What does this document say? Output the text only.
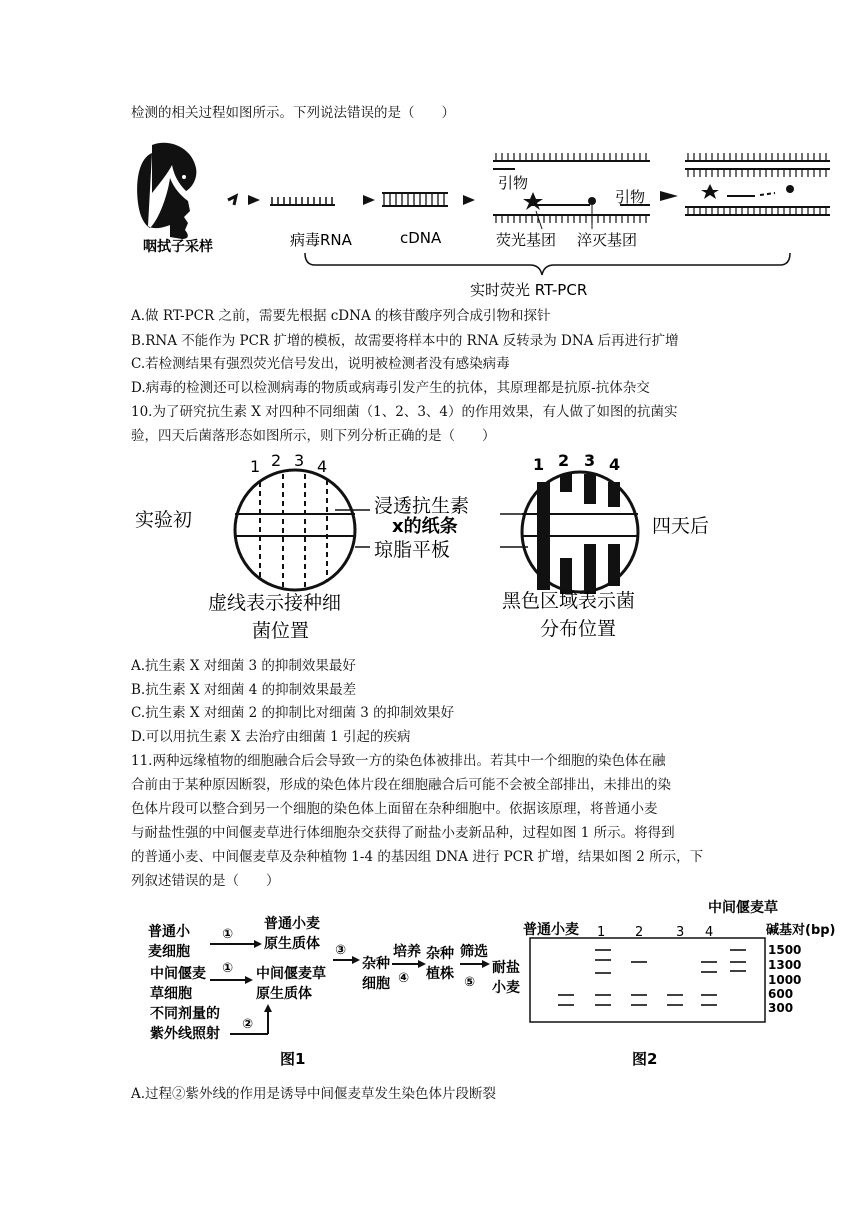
检测的相关过程如图所示。下列说法错误的是（　　）
咽拭子采样	病毒RNA	cDNA
引物
引物
荧光基团 淬灭基团
实时荧光 RT-PCR
A.做 RT-PCR 之前，需要先根据 cDNA 的核苷酸序列合成引物和探针
B.RNA 不能作为 PCR 扩增的模板，故需要将样本中的 RNA 反转录为 DNA 后再进行扩增
C.若检测结果有强烈荧光信号发出，说明被检测者没有感染病毒
D.病毒的检测还可以检测病毒的物质或病毒引发产生的抗体，其原理都是抗原-抗体杂交
10.为了研究抗生素 X 对四种不同细菌（1、2、3、4）的作用效果，有人做了如图的抗菌实
验，四天后菌落形态如图所示，则下列分析正确的是（　　）
1 2 3 4	1 2 3 4
实验初	四天后
浸透抗生素
x的纸条
琼脂平板
虚线表示接种细
菌位置
黑色区域表示菌
分布位置
A.抗生素 X 对细菌 3 的抑制效果最好
B.抗生素 X 对细菌 4 的抑制效果最差
C.抗生素 X 对细菌 2 的抑制比对细菌 3 的抑制效果好
D.可以用抗生素 X 去治疗由细菌 1 引起的疾病
11.两种远缘植物的细胞融合后会导致一方的染色体被排出。若其中一个细胞的染色体在融
合前由于某种原因断裂，形成的染色体片段在细胞融合后可能不会被全部排出，未排出的染
色体片段可以整合到另一个细胞的染色体上面留在杂种细胞中。依据该原理，将普通小麦
与耐盐性强的中间偃麦草进行体细胞杂交获得了耐盐小麦新品种，过程如图 1 所示。将得到
的普通小麦、中间偃麦草及杂种植物 1-4 的基因组 DNA 进行 PCR 扩增，结果如图 2 所示，下
列叙述错误的是（　　）
普通小
麦细胞
中间偃麦
草细胞
不同剂量的
紫外线照射
①
①
普通小麦
原生质体
中间偃麦草
原生质体
②
③
杂种
细胞
培养
④
杂种
植株
筛选
⑤
耐盐
小麦
图1
中间偃麦草
普通小麦 1 2	3 4	碱基对(bp)
1500
1300
1000
600
300
图2
A.过程②紫外线的作用是诱导中间偃麦草发生染色体片段断裂
